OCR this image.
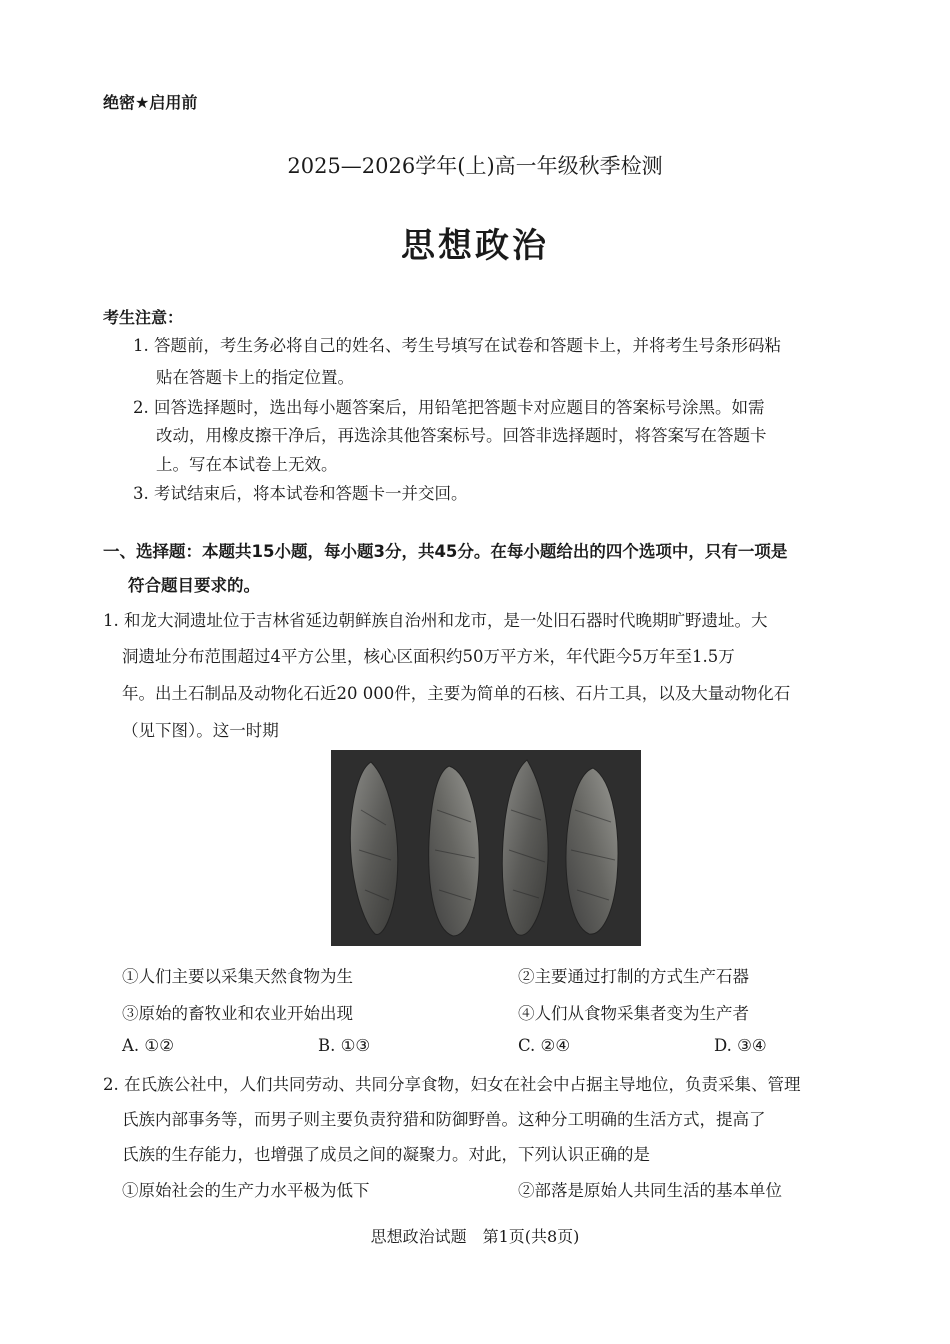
绝密★启用前
2025—2026学年(上)高一年级秋季检测
思想政治
考生注意：
1. 答题前，考生务必将自己的姓名、考生号填写在试卷和答题卡上，并将考生号条形码粘
贴在答题卡上的指定位置。
2. 回答选择题时，选出每小题答案后，用铅笔把答题卡对应题目的答案标号涂黑。如需
改动，用橡皮擦干净后，再选涂其他答案标号。回答非选择题时，将答案写在答题卡
上。写在本试卷上无效。
3. 考试结束后，将本试卷和答题卡一并交回。
一、选择题：本题共15小题，每小题3分，共45分。在每小题给出的四个选项中，只有一项是
符合题目要求的。
1. 和龙大洞遗址位于吉林省延边朝鲜族自治州和龙市，是一处旧石器时代晚期旷野遗址。大
洞遗址分布范围超过4平方公里，核心区面积约50万平方米，年代距今5万年至1.5万
年。出土石制品及动物化石近20 000件，主要为简单的石核、石片工具，以及大量动物化石
（见下图）。这一时期
①人们主要以采集天然食物为生	②主要通过打制的方式生产石器
③原始的畜牧业和农业开始出现	④人们从食物采集者变为生产者
A. ①②	B. ①③	C. ②④	D. ③④
2. 在氏族公社中，人们共同劳动、共同分享食物，妇女在社会中占据主导地位，负责采集、管理
氏族内部事务等，而男子则主要负责狩猎和防御野兽。这种分工明确的生活方式，提高了
氏族的生存能力，也增强了成员之间的凝聚力。对此，下列认识正确的是
①原始社会的生产力水平极为低下	②部落是原始人共同生活的基本单位
思想政治试题　第1页(共8页)
